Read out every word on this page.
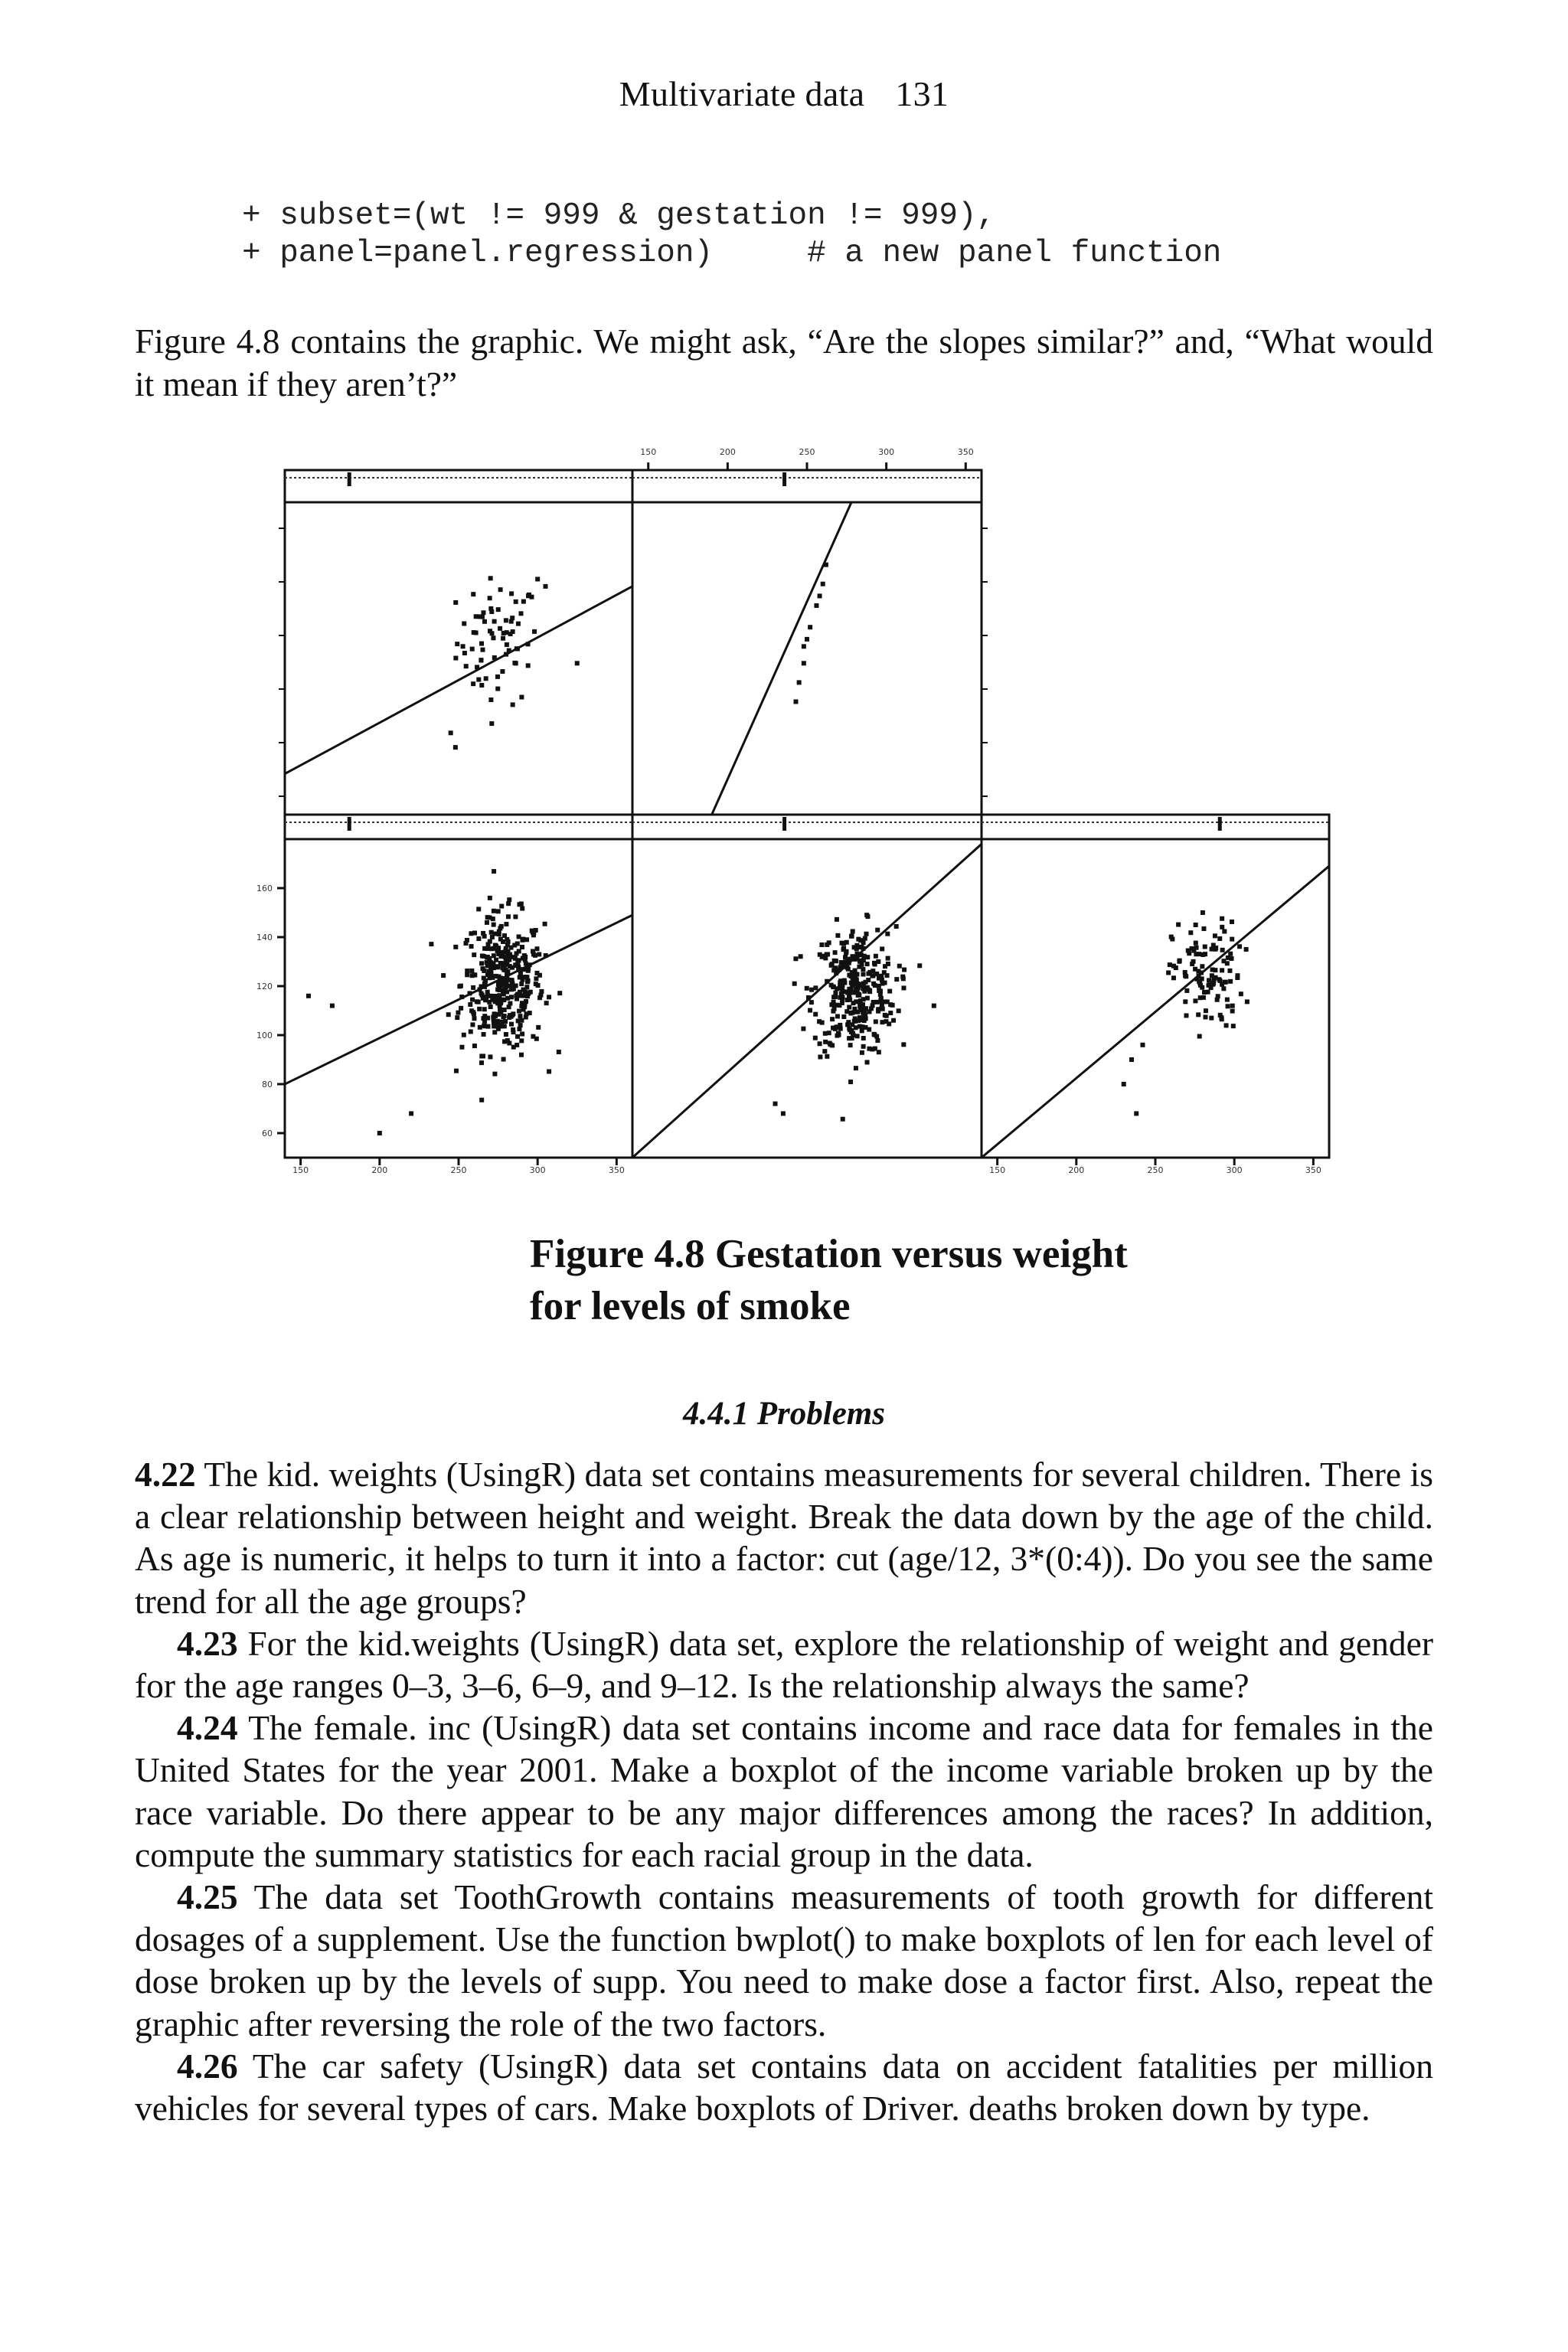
Multivariate data 131
+ subset=(wt != 999 & gestation != 999),
+ panel=panel.regression)     # a new panel function

Figure 4.8 contains the graphic. We might ask, “Are the slopes similar?” and, “What would it mean if they aren’t?”

150	200	250	300	350
150	200	250	300	350	150	200	250	300	350
60
80
100
120
140
160

Figure 4.8 Gestation versus weight
for levels of smoke

4.4.1 Problems

4.22 The kid. weights (UsingR) data set contains measurements for several children. There is a clear relationship between height and weight. Break the data down by the age of the child. As age is numeric, it helps to turn it into a factor: cut (age/12, 3*(0:4)). Do you see the same trend for all the age groups?

4.23 For the kid.weights (UsingR) data set, explore the relationship of weight and gender for the age ranges 0–3, 3–6, 6–9, and 9–12. Is the relationship always the same?

4.24 The female. inc (UsingR) data set contains income and race data for females in the United States for the year 2001. Make a boxplot of the income variable broken up by the race variable. Do there appear to be any major differences among the races? In addition, compute the summary statistics for each racial group in the data.

4.25 The data set ToothGrowth contains measurements of tooth growth for different dosages of a supplement. Use the function bwplot() to make boxplots of len for each level of dose broken up by the levels of supp. You need to make dose a factor first. Also, repeat the graphic after reversing the role of the two factors.

4.26 The car safety (UsingR) data set contains data on accident fatalities per million vehicles for several types of cars. Make boxplots of Driver. deaths broken down by type.
